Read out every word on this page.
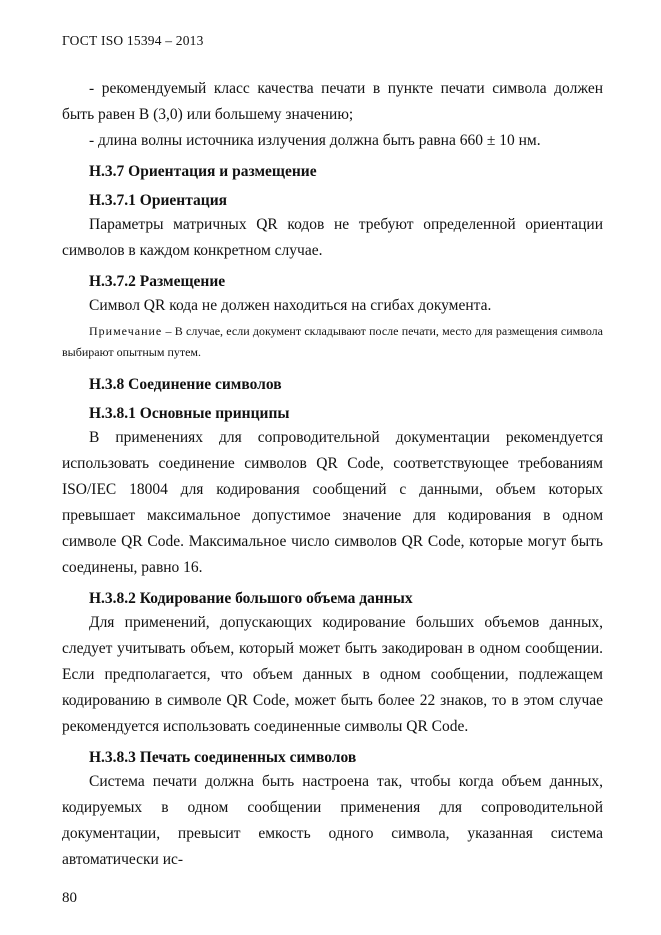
ГОСТ ISO 15394 – 2013

- рекомендуемый класс качества печати в пункте печати символа должен быть равен B (3,0) или большему значению;

- длина волны источника излучения должна быть равна 660 ± 10 нм.

H.3.7 Ориентация и размещение
H.3.7.1 Ориентация

Параметры матричных QR кодов не требуют определенной ориентации символов в каждом конкретном случае.

H.3.7.2 Размещение

Символ QR кода не должен находиться на сгибах документа.

Примечание – В случае, если документ складывают после печати, место для размещения символа выбирают опытным путем.
H.3.8 Соединение символов
H.3.8.1 Основные принципы

В применениях для сопроводительной документации рекомендуется использовать соединение символов QR Code, соответствующее требованиям ISO/IEC 18004 для кодирования сообщений с данными, объем которых превышает максимальное допустимое значение для кодирования в одном символе QR Code. Максимальное число символов QR Code, которые могут быть соединены, равно 16.

H.3.8.2 Кодирование большого объема данных

Для применений, допускающих кодирование больших объемов данных, следует учитывать объем, который может быть закодирован в одном сообщении. Если предполагается, что объем данных в одном сообщении, подлежащем кодированию в символе QR Code, может быть более 22 знаков, то в этом случае рекомендуется использовать соединенные символы QR Code.

H.3.8.3 Печать соединенных символов

Система печати должна быть настроена так, чтобы когда объем данных, кодируемых в одном сообщении применения для сопроводительной документации, превысит емкость одного символа, указанная система автоматически ис-

80
